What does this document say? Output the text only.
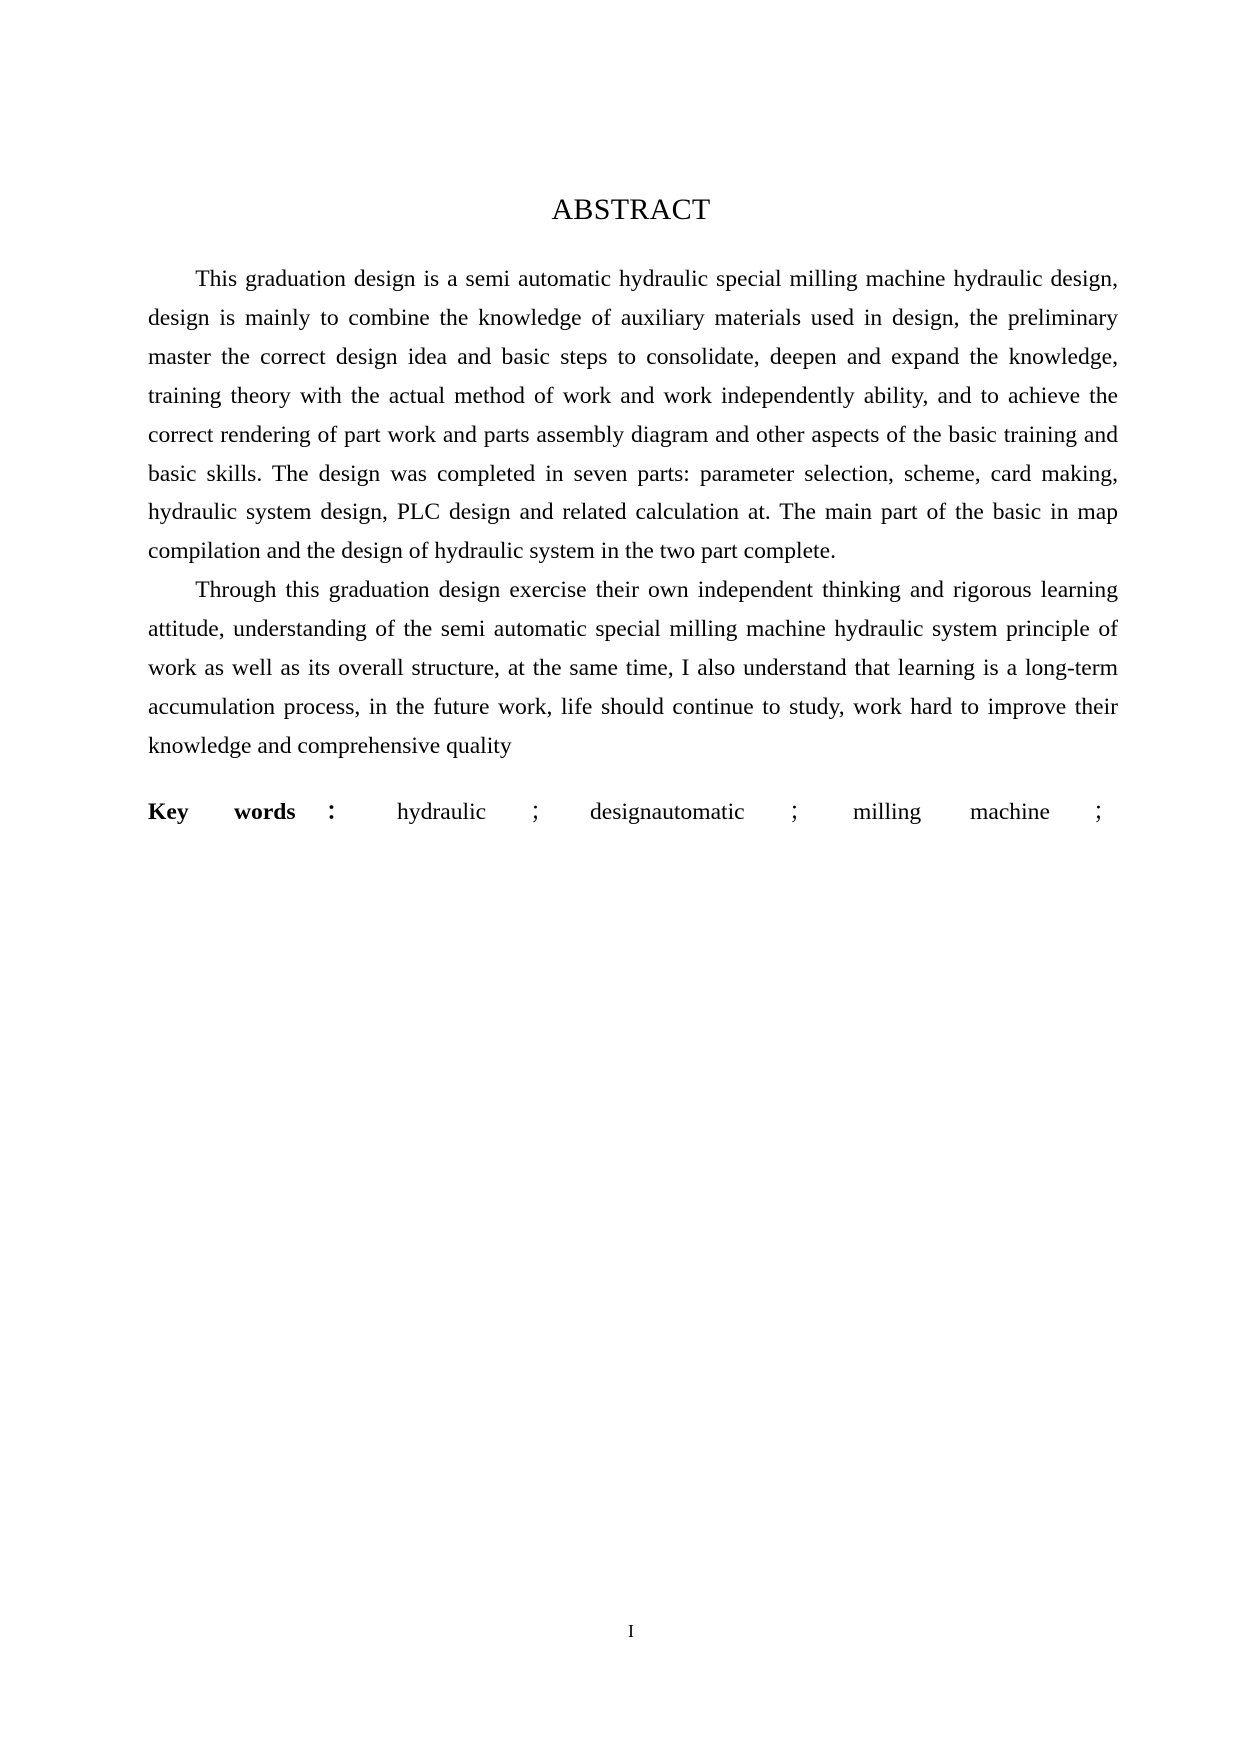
ABSTRACT

This graduation design is a semi automatic hydraulic special milling machine hydraulic design, design is mainly to combine the knowledge of auxiliary materials used in design, the preliminary master the correct design idea and basic steps to consolidate, deepen and expand the knowledge, training theory with the actual method of work and work independently ability, and to achieve the correct rendering of part work and parts assembly diagram and other aspects of the basic training and basic skills. The design was completed in seven parts: parameter selection, scheme, card making, hydraulic system design, PLC design and related calculation at. The main part of the basic in map compilation and the design of hydraulic system in the two part complete.

Through this graduation design exercise their own independent thinking and rigorous learning attitude, understanding of the semi automatic special milling machine hydraulic system principle of work as well as its overall structure, at the same time, I also understand that learning is a long-term accumulation process, in the future work, life should continue to study, work hard to improve their knowledge and comprehensive quality

Key words ： hydraulic ； designautomatic ； milling machine ；
I
